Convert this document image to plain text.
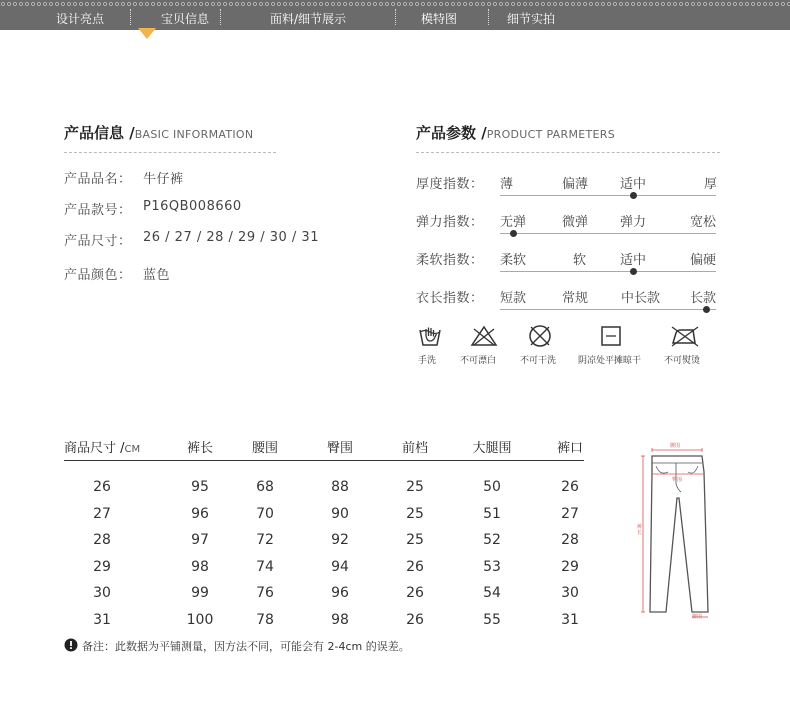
设计亮点	宝贝信息	面料/细节展示	模特图	细节实拍
产品信息 /BASIC INFORMATION
产品品名： 牛仔裤
产品款号： P16QB008660
产品尺寸： 26 / 27 / 28 / 29 / 30 / 31
产品颜色： 蓝色
产品参数 /PRODUCT PARMETERS
厚度指数： 薄	偏薄 适中	厚
弹力指数： 无弹	微弹 弹力	宽松
柔软指数： 柔软	软	适中	偏硬
衣长指数： 短款	常规	中长款 长款
手洗	不可漂白	不可干洗 阴凉处平摊晾干	不可熨烫
商品尺寸 /CM	裤长	腰围	臀围	前档	大腿围	裤口
26	95	68	88	25	50	26
27	96	70	90	25	51	27
28	97	72	92	25	52	28
29	98	74	94	26	53	29
30	99	76	96	26	54	30
31	100	78	98	26	55	31
备注：此数据为平铺测量，因方法不同，可能会有 2-4cm 的误差。
腰围
臀围
裤长
脚围
